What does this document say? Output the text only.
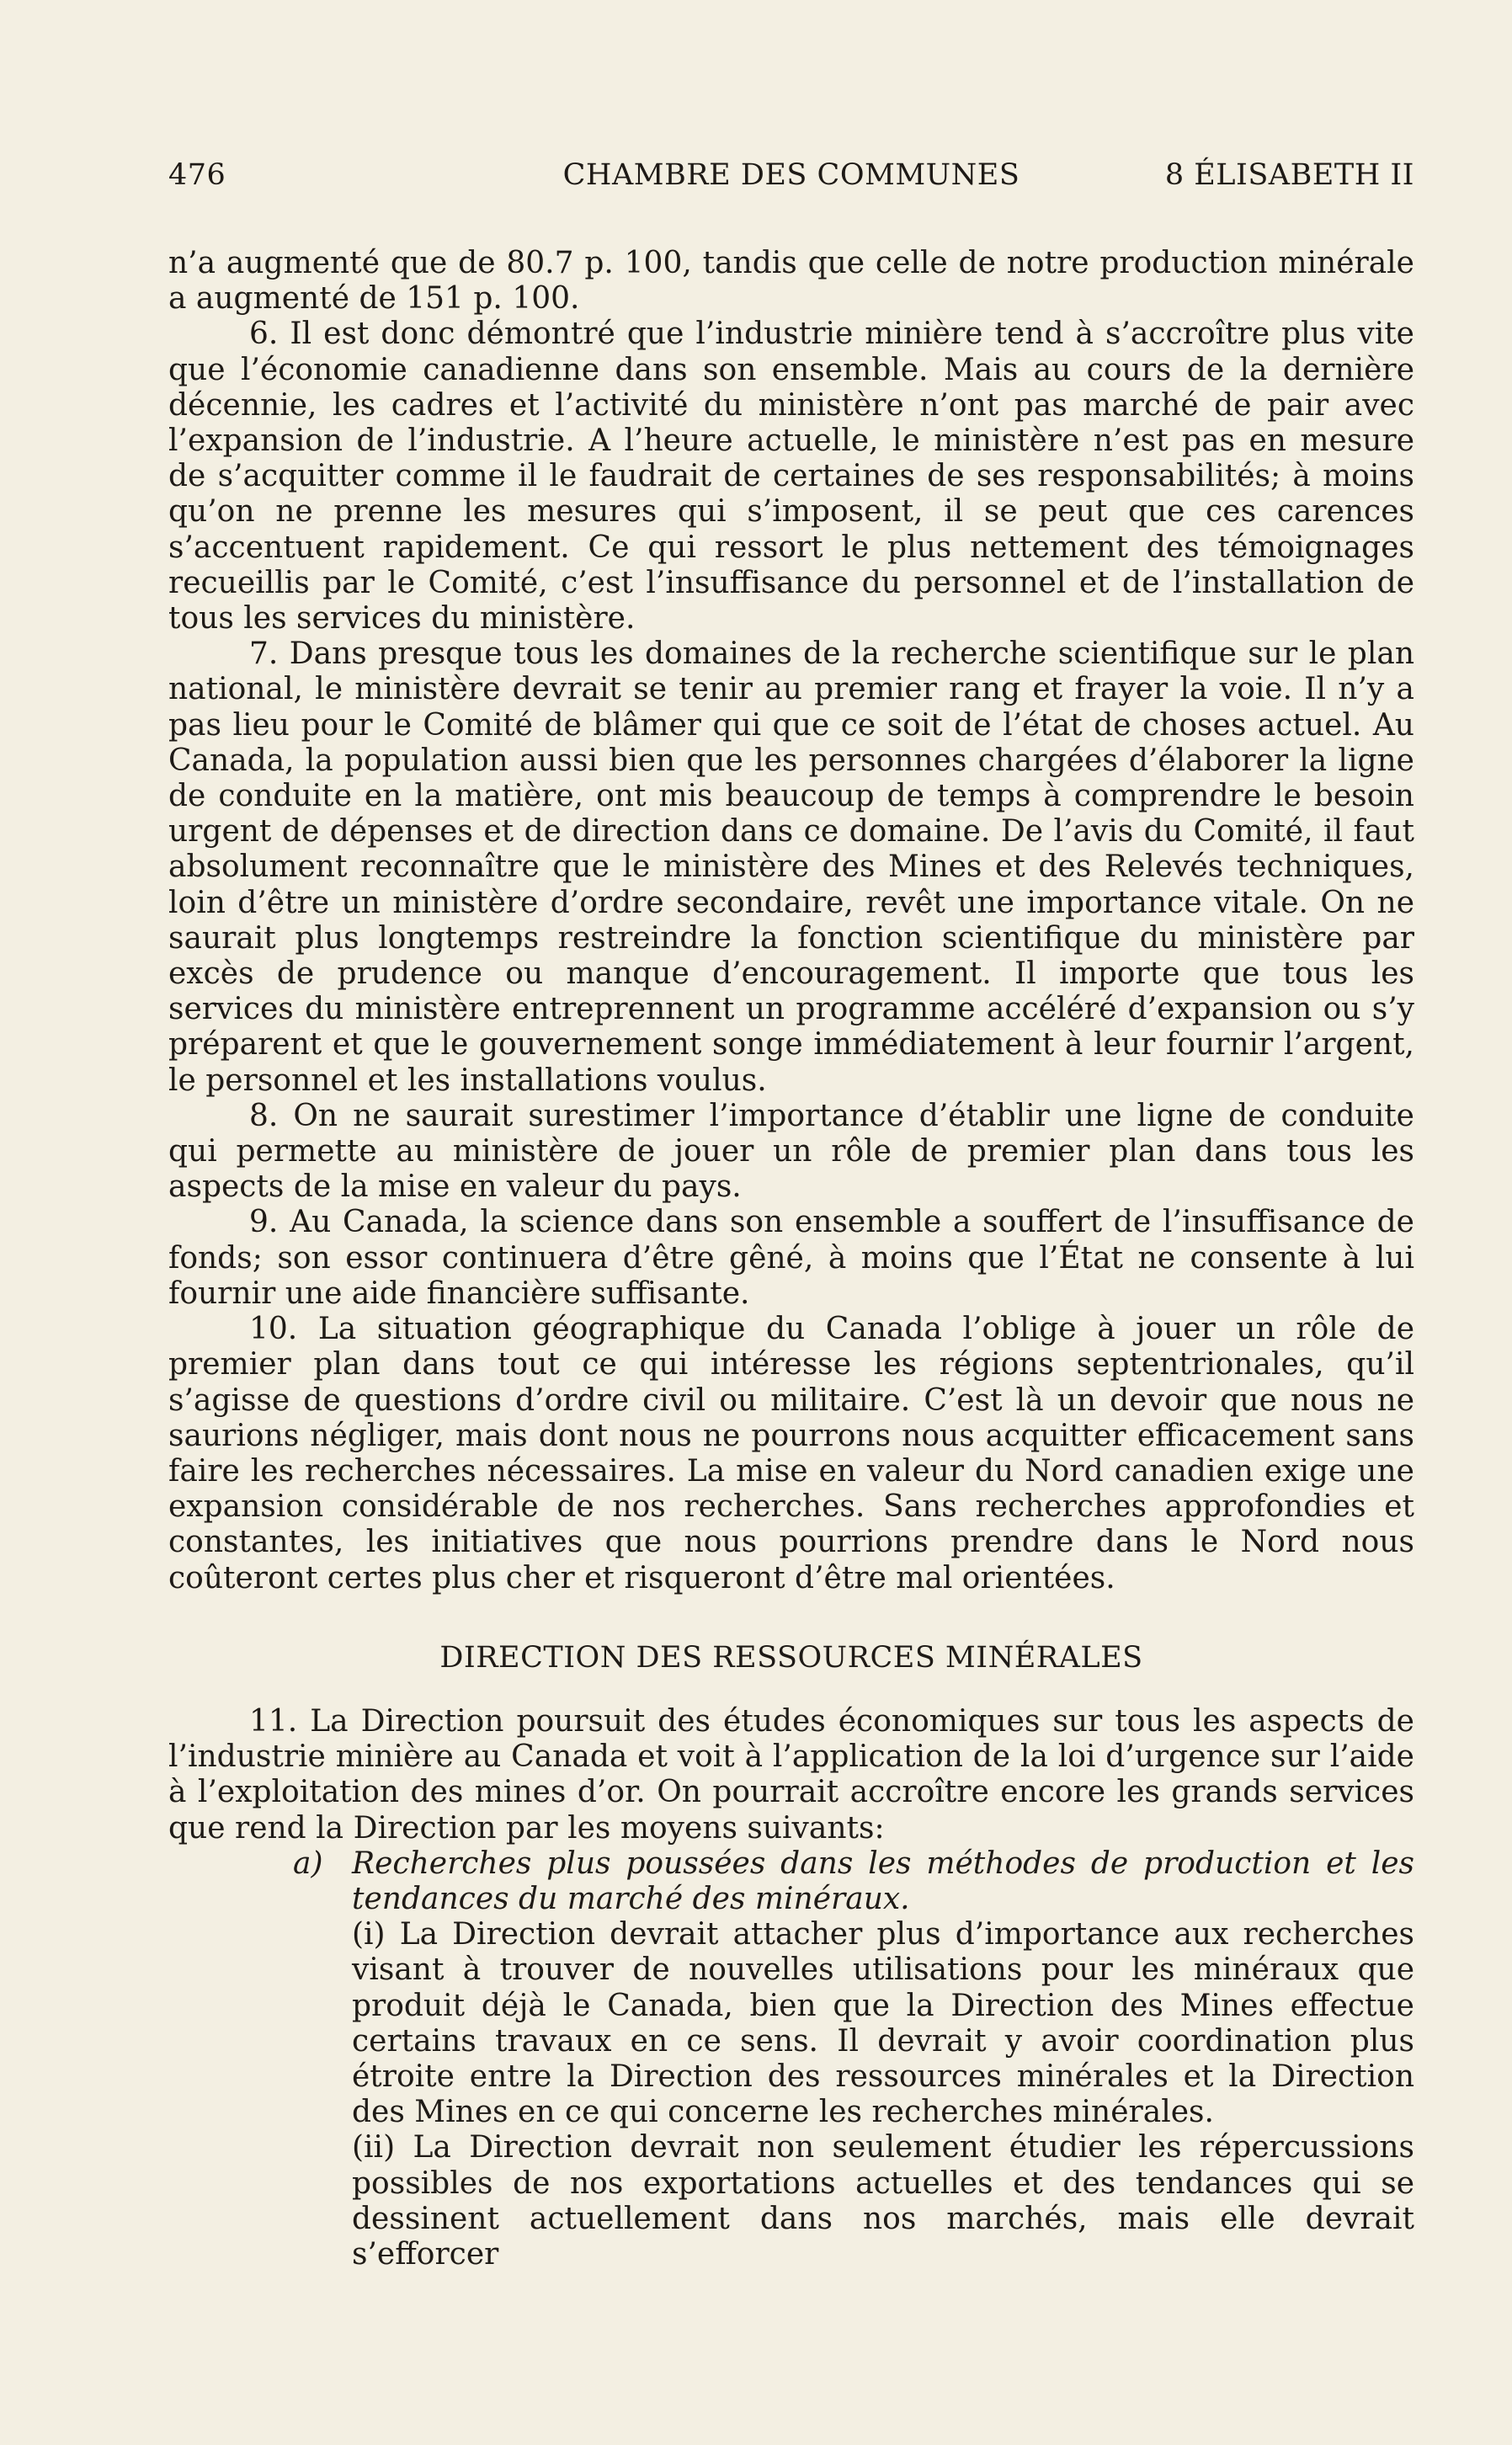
476	CHAMBRE DES COMMUNES	8 ÉLISABETH II

n’a augmenté que de 80.7 p. 100, tandis que celle de notre production minérale a augmenté de 151 p. 100.

6. Il est donc démontré que l’industrie minière tend à s’accroître plus vite que l’économie canadienne dans son ensemble. Mais au cours de la dernière décennie, les cadres et l’activité du ministère n’ont pas marché de pair avec l’expansion de l’industrie. A l’heure actuelle, le ministère n’est pas en mesure de s’acquitter comme il le faudrait de certaines de ses responsabilités; à moins qu’on ne prenne les mesures qui s’imposent, il se peut que ces carences s’accentuent rapidement. Ce qui ressort le plus nettement des témoignages recueillis par le Comité, c’est l’insuffisance du personnel et de l’installation de tous les services du ministère.

7. Dans presque tous les domaines de la recherche scientifique sur le plan national, le ministère devrait se tenir au premier rang et frayer la voie. Il n’y a pas lieu pour le Comité de blâmer qui que ce soit de l’état de choses actuel. Au Canada, la population aussi bien que les personnes chargées d’élaborer la ligne de conduite en la matière, ont mis beaucoup de temps à comprendre le besoin urgent de dépenses et de direction dans ce domaine. De l’avis du Comité, il faut absolument reconnaître que le ministère des Mines et des Relevés techniques, loin d’être un ministère d’ordre secondaire, revêt une importance vitale. On ne saurait plus longtemps restreindre la fonction scientifique du ministère par excès de prudence ou manque d’encouragement. Il importe que tous les services du ministère entreprennent un programme accéléré d’expansion ou s’y préparent et que le gouvernement songe immédiatement à leur fournir l’argent, le personnel et les installations voulus.

8. On ne saurait surestimer l’importance d’établir une ligne de conduite qui permette au ministère de jouer un rôle de premier plan dans tous les aspects de la mise en valeur du pays.

9. Au Canada, la science dans son ensemble a souffert de l’insuffisance de fonds; son essor continuera d’être gêné, à moins que l’État ne consente à lui fournir une aide financière suffisante.

10. La situation géographique du Canada l’oblige à jouer un rôle de premier plan dans tout ce qui intéresse les régions septentrionales, qu’il s’agisse de questions d’ordre civil ou militaire. C’est là un devoir que nous ne saurions négliger, mais dont nous ne pourrons nous acquitter efficacement sans faire les recherches nécessaires. La mise en valeur du Nord canadien exige une expansion considérable de nos recherches. Sans recherches approfondies et constantes, les initiatives que nous pourrions prendre dans le Nord nous coûteront certes plus cher et risqueront d’être mal orientées.

DIRECTION DES RESSOURCES MINÉRALES

11. La Direction poursuit des études économiques sur tous les aspects de l’industrie minière au Canada et voit à l’application de la loi d’urgence sur l’aide à l’exploitation des mines d’or. On pourrait accroître encore les grands services que rend la Direction par les moyens suivants:

a) Recherches plus poussées dans les méthodes de production et les tendances du marché des minéraux.

(i) La Direction devrait attacher plus d’importance aux recherches visant à trouver de nouvelles utilisations pour les minéraux que produit déjà le Canada, bien que la Direction des Mines effectue certains travaux en ce sens. Il devrait y avoir coordination plus étroite entre la Direction des ressources minérales et la Direction des Mines en ce qui concerne les recherches minérales.

(ii) La Direction devrait non seulement étudier les répercussions possibles de nos exportations actuelles et des tendances qui se dessinent actuellement dans nos marchés, mais elle devrait s’efforcer
